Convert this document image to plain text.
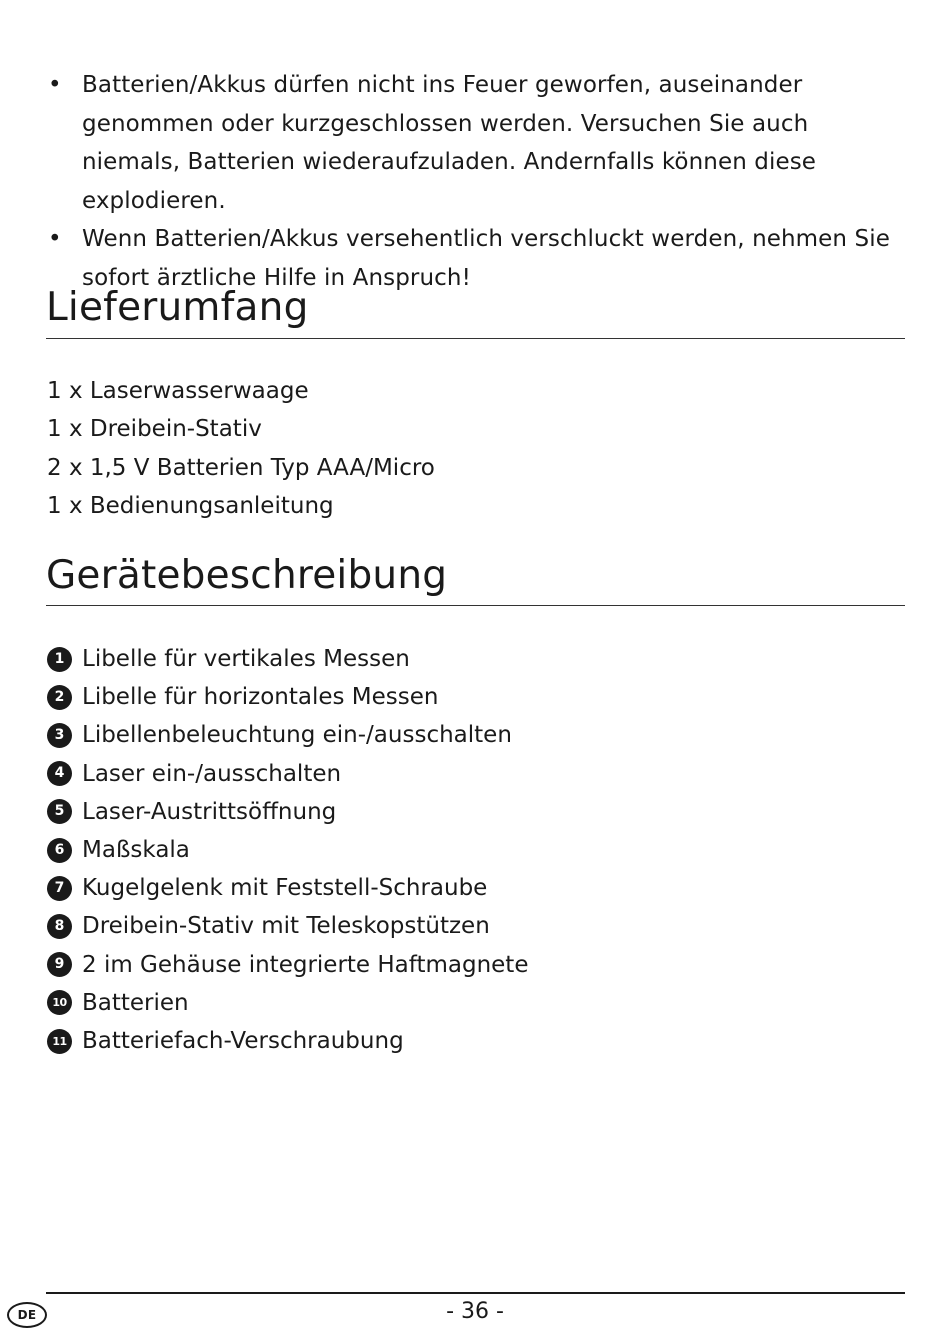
• Batterien/Akkus dürfen nicht ins Feuer geworfen, auseinander genommen oder kurzgeschlossen werden. Versuchen Sie auch niemals, Batterien wiederaufzuladen. Andernfalls können diese explodieren.
• Wenn Batterien/Akkus versehentlich verschluckt werden, nehmen Sie sofort ärztliche Hilfe in Anspruch!
Lieferumfang
1 x Laserwasserwaage
1 x Dreibein-Stativ
2 x 1,5 V Batterien Typ AAA/Micro
1 x Bedienungsanleitung
Gerätebeschreibung
1 Libelle für vertikales Messen
2 Libelle für horizontales Messen
3 Libellenbeleuchtung ein-/ausschalten
4 Laser ein-/ausschalten
5 Laser-Austrittsöffnung
6 Maßskala
7 Kugelgelenk mit Feststell-Schraube
8 Dreibein-Stativ mit Teleskopstützen
9 2 im Gehäuse integrierte Haftmagnete
10 Batterien
11 Batteriefach-Verschraubung
DE	- 36 -
